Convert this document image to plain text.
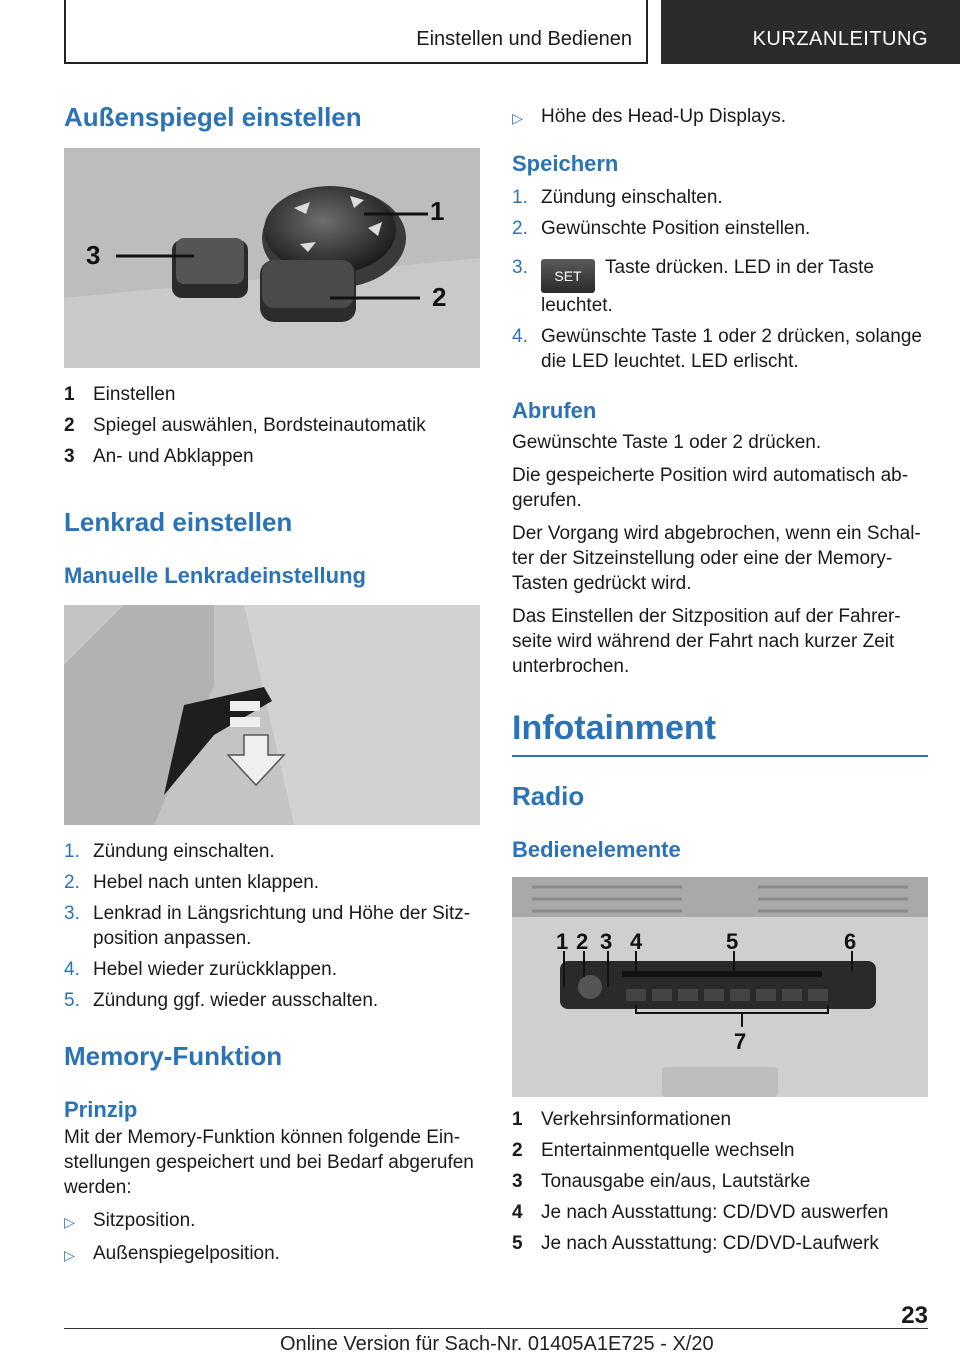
Einstellen und Bedienen	KURZANLEITUNG
Außenspiegel einstellen
1
2
3
1 Einstellen
2 Spiegel auswählen, Bordsteinautomatik
3 An- und Abklappen
Lenkrad einstellen
Manuelle Lenkradeinstellung
1. Zündung einschalten.
2. Hebel nach unten klappen.
3. Lenkrad in Längsrichtung und Höhe der Sitz-position anpassen.
4. Hebel wieder zurückklappen.
5. Zündung ggf. wieder ausschalten.
Memory-Funktion
Prinzip

Mit der Memory-Funktion können folgende Ein-stellungen gespeichert und bei Bedarf abgerufen werden:

▷ Sitzposition.
▷ Außenspiegelposition.
▷ Höhe des Head-Up Displays.
Speichern
1. Zündung einschalten.
2. Gewünschte Position einstellen.
3.	SET Taste drücken. LED in der Taste leuchtet.
4. Gewünschte Taste 1 oder 2 drücken, solange die LED leuchtet. LED erlischt.
Abrufen

Gewünschte Taste 1 oder 2 drücken.

Die gespeicherte Position wird automatisch ab-gerufen.

Der Vorgang wird abgebrochen, wenn ein Schal-ter der Sitzeinstellung oder eine der Memory-Tasten gedrückt wird.

Das Einstellen der Sitzposition auf der Fahrer-seite wird während der Fahrt nach kurzer Zeit unterbrochen.

Infotainment
Radio
Bedienelemente
1 2 3 4	5	6
7
1 Verkehrsinformationen
2 Entertainmentquelle wechseln
3 Tonausgabe ein/aus, Lautstärke
4 Je nach Ausstattung: CD/DVD auswerfen
5 Je nach Ausstattung: CD/DVD-Laufwerk
23
Online Version für Sach-Nr. 01405A1E725 - X/20
